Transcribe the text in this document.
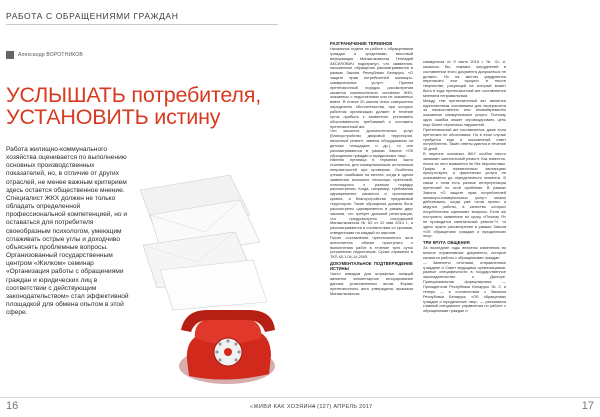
РАБОТА С ОБРАЩЕНИЯМИ ГРАЖДАН
Александр ВОРОТНИКОВ
УСЛЫШАТЬ потребителя,
УСТАНОВИТЬ истину
Работа жилищно-коммунального хозяйства оценивается по выполнению основных производственных показателей, но, в отличие от других отраслей, не менее важным критерием здесь остается общественное мнение. Специалист ЖКХ должен не только обладать определенной профессиональной компетенцией, но и оставаться для потребителя своеобразным психологом, умеющим сглаживать острые углы и доходчиво объяснять проблемные вопросы. Организованный государственным центром «Жилком» семинар «Организация работы с обращениями граждан и юридических лиц в соответствии с действующим законодательством» стал эффективной площадкой для обмена опытом в этой сфере.
РАЗГРАНИЧЕНИЕ ТЕРМИНОВ

Начальник отдела по работе с обращениями граждан и средствами массовой информации Минжилкомхоза Геннадий АКСИЛОВИЧ подчеркнул, что заявления, письменные обращения рассматриваются в рамках Закона Республики Беларусь «О защите прав потребителей жилищно-коммунальных услуг». Причем претензионный порядок рассмотрения касается исключительно основных ЖКУ, оказанных с недостатками или не оказанных вовсе. В статье 20 закона четко совершенно определены обстоятельства, при которых работник организации должен в течение суток прибыть к заявителю, установить обоснованность требований и составить претензионный акт.

Что касается дополнительных услуг (благоустройство дворовой территории, мелочный ремонт, замена оборудования на детских площадках и др.), то они рассматриваются в рамках Закона «Об обращениях граждан и юридических лиц».

Именно путаница в терминах часто становится для коммунальников источником неприятностей при проверках. Особенно грешат ошибками на местах, когда в одном заявлении изложено несколько претензий, относящихся к разным порядку рассмотрения. Когда, например, требования одновременно касаются и протекания кровли, и благоустройства придомовой территории. Такие обращения должны быть рассмотрены одновременно в рамках двух законов, что требует должной регистрации, что предусмотрено инструкцией Минжилкомхоза № 62 от 22 мая 2014 г., и рассматриваются в соответствии со сроками, отведенными на каждый из законов.

После составления претензионного акта исполнитель обязан приступить к выполнению работ в течение трех суток устранению недостатков. Сроки отражены в ТКП 45-1.04-14-2005.

ДОКУМЕНТАЛЬНОЕ ПОДТВЕРЖДЕНИЕ ИСТИНЫ

Часто поводом для штрафных санкций является элементарное игнорирование данных установленных актов. Формы претензионного акта утверждены приказом Минжилкомхоза.

коммунхоза от 9 июня 2015 г. № 41, и, казалось бы, никаких затруднений в составлении этого документа допускаться не должно. Но на местах умудряются переписать этот процесс в тексте творчестве, рисующей на который может быть в ходе претензионный акт составляется мнением неправильным.

Между тем претензионный акт является единственным основанием для перерасчета за некачественно или несвоевременно оказанные коммунальные услуги. Поэтому одна ошибка может спровоцировать цепь еще более серьезных нарушений.

Претензионный акт составляется, даже если претензия не обоснована. Но в этом случае требуется еще и письменный ответ потребителю. Такие ответы даются в течение 15 дней.

В перечне основных ЖКУ особое место занимает капитальный ремонт. Как известно, плата за него взимается не без перспективы. Графы в ежемесячных квитанциях присутствуют, а фактически услуга не оказывается до определенного момента. В связи с этим есть разные интерпретации претензий по этой проблеме. В рамках Закона «О защите прав потребителей жилищно-коммунальных услуг» можно действовать, когда уже готов проект и ведутся работы, а качество которых потребителем оценивает вопросы. Если же поступило заявление по сроку «Почему Я» не проводится капитальный ремонт?», то здесь нужно рассмотрение в рамках Закона «Об обращениях граждан и юридических лиц».

ТРИ КРУГА ОБЩЕНИЯ

За последние годы внесены изменения во многие нормативные документы, которые касаются работы с обращениями граждан.

— Заменено отчетами, отправленные граждане и Совет ведущими организациями, разные специфичности в государственное законодательство о Дикторе. Принципиальная формулировка — Президентом Республики Беларусь № 2, и теперь — в соответствии с Законом Республики Беларусь «Об обращениях граждан и юридических лиц», — рассказала главный специалист управления по работе с обращениями граждан и

16	«ЖИВИ КАК ХОЗЯИН»
4 (127) АПРЕЛЬ 2017	17
